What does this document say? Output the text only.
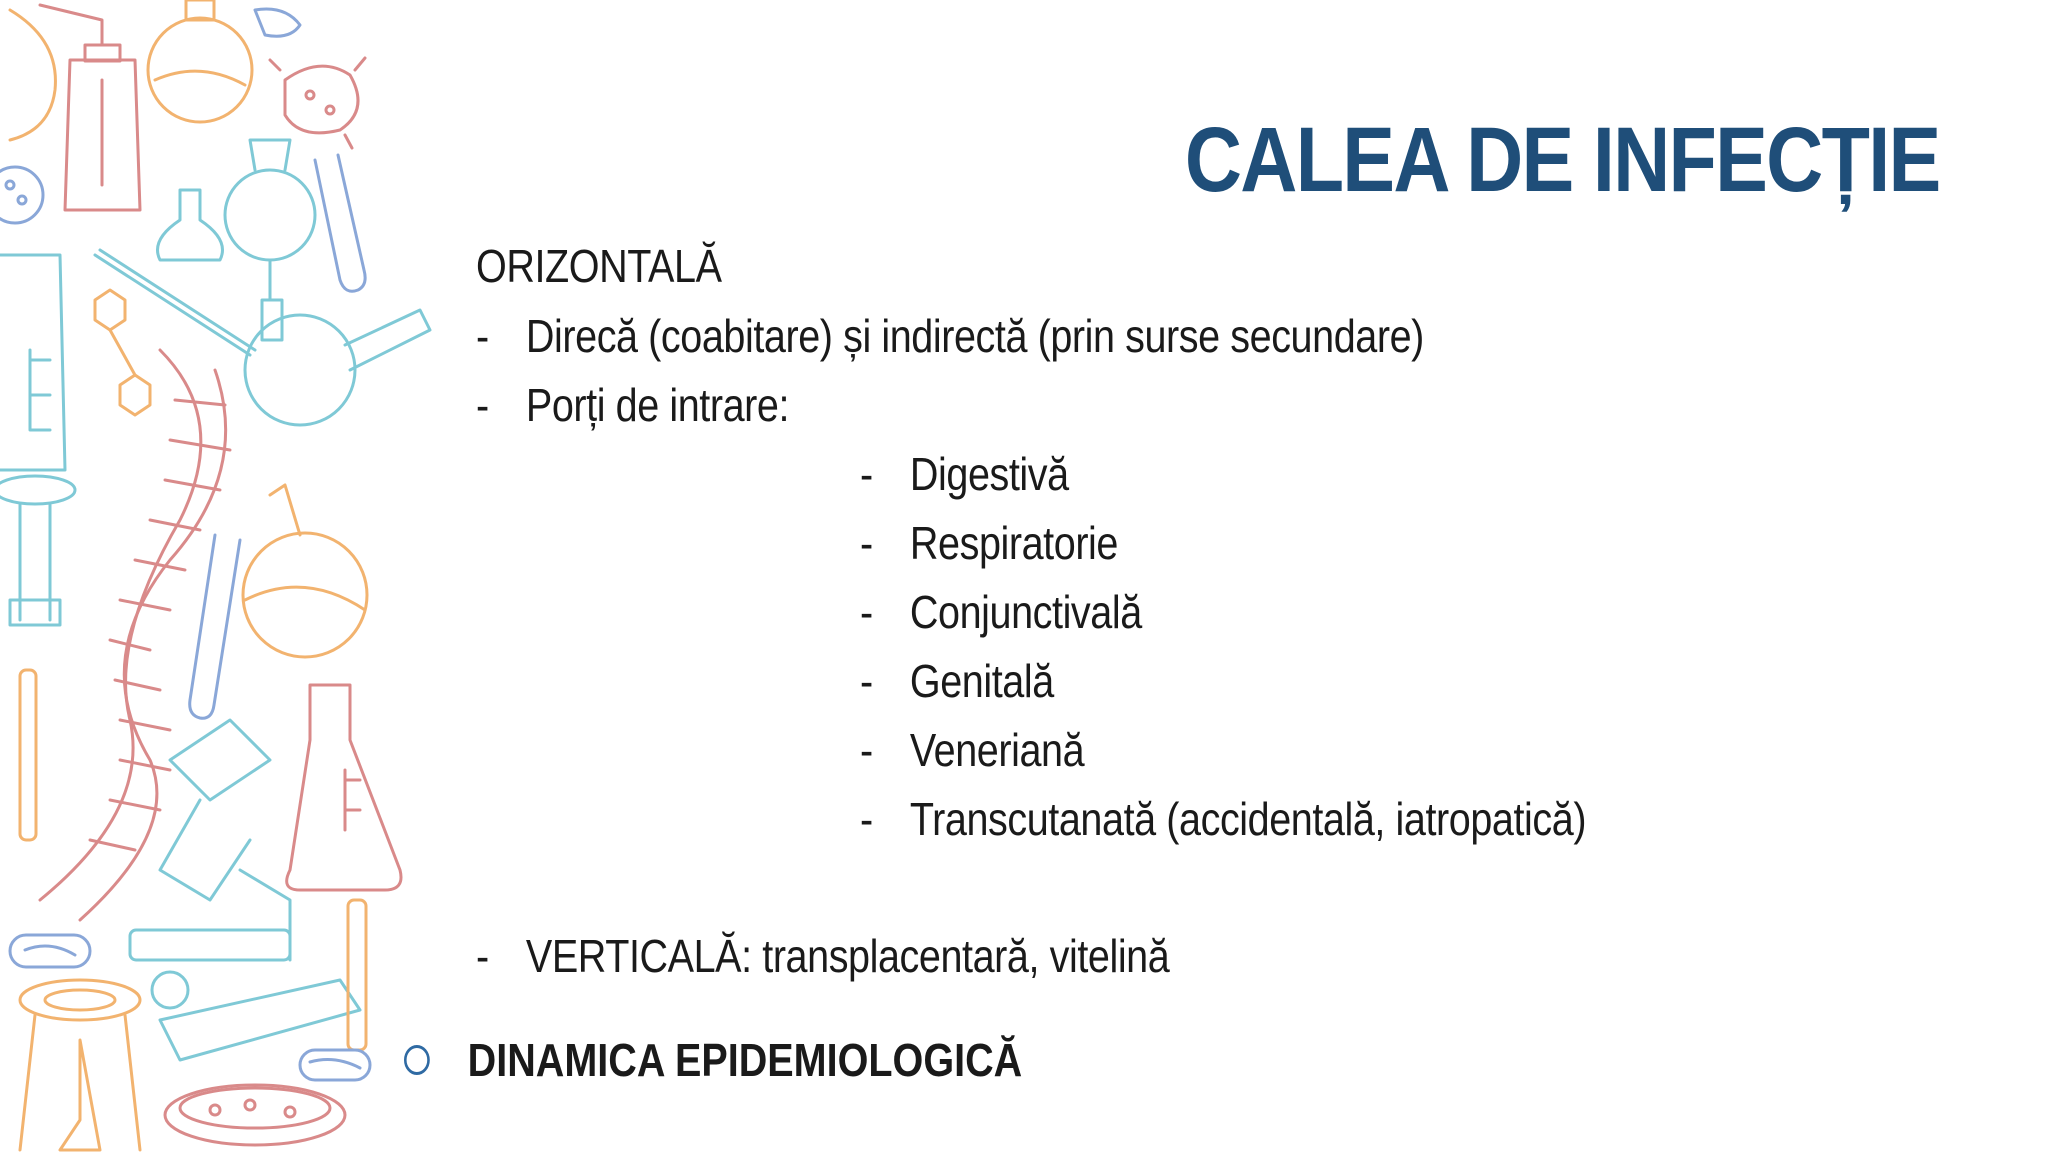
CALEA DE INFECȚIE
ORIZONTALĂ
- Direcă (coabitare) și indirectă (prin surse secundare)
- Porți de intrare:
- Digestivă
- Respiratorie
- Conjunctivală
- Genitală
- Veneriană
- Transcutanată (accidentală, iatropatică)
- VERTICALĂ: transplacentară, vitelină
DINAMICA EPIDEMIOLOGICĂ
